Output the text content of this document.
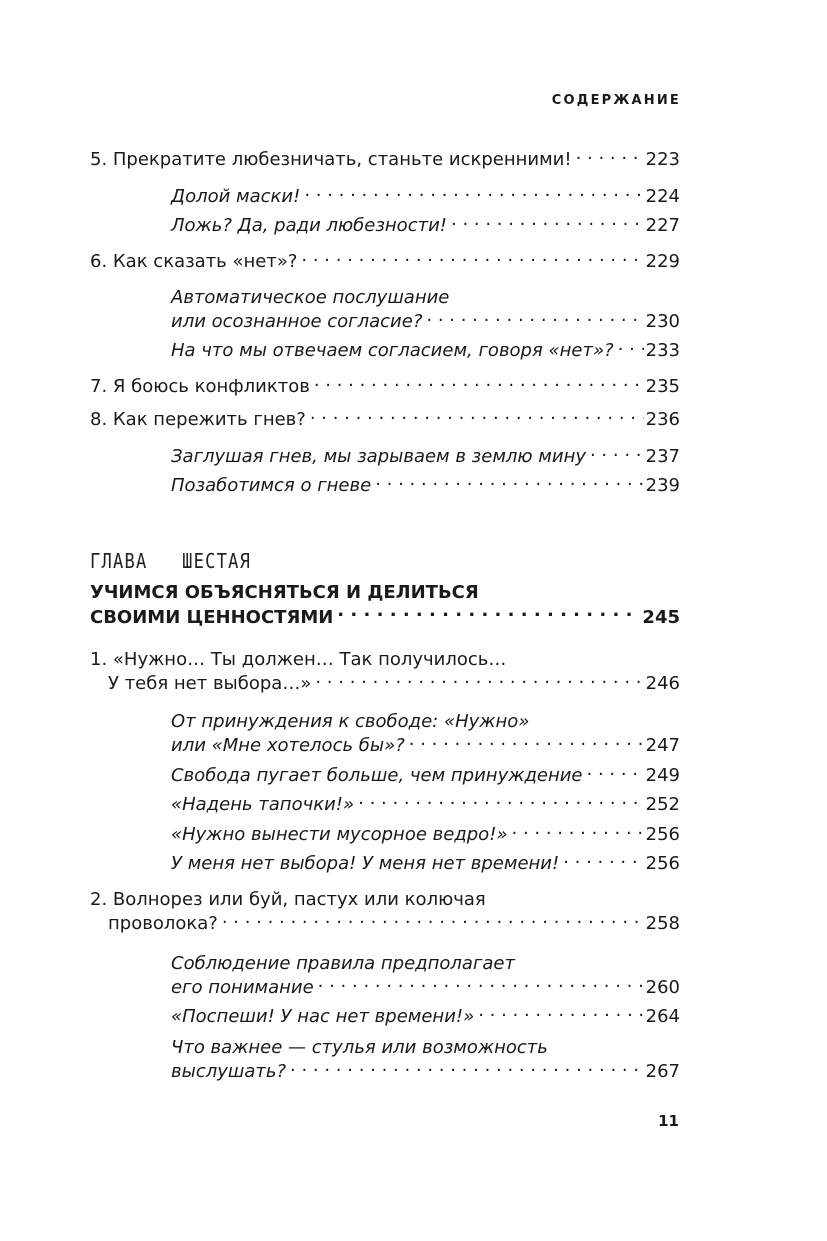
СОДЕРЖАНИЕ
5. Прекратите любезничать, станьте искренними! . . .	223
Долой маски! . . .	224
Ложь? Да, ради любезности! . . .	227
6. Как сказать «нет»? . . .	229
Автоматическое послушание
или осознанное согласие? . . .	230
На что мы отвечаем согласием, говоря «нет»? . . . 233
7. Я боюсь конфликтов . . .	235
8. Как пережить гнев? . . .	236
Заглушая гнев, мы зарываем в землю мину . . .	237
Позаботимся о гневе . . .	239
ГЛАВА   ШЕСТАЯ
УЧИМСЯ ОБЪЯСНЯТЬСЯ И ДЕЛИТЬСЯ
СВОИМИ ЦЕННОСТЯМИ . . .	245
1. «Нужно… Ты должен… Так получилось…
У тебя нет выбора…» . . .	246
От принуждения к свободе: «Нужно»
или «Мне хотелось бы»? . . .	247
Свобода пугает больше, чем принуждение . . .	249
«Надень тапочки!» . . .	252
«Нужно вынести мусорное ведро!» . . .	256
У меня нет выбора! У меня нет времени! . . .	256
2. Волнорез или буй, пастух или колючая
проволока? . . .	258
Соблюдение правила предполагает
его понимание . . .	260
«Поспеши! У нас нет времени!» . . .	264
Что важнее — стулья или возможность
выслушать? . . .	267
11
